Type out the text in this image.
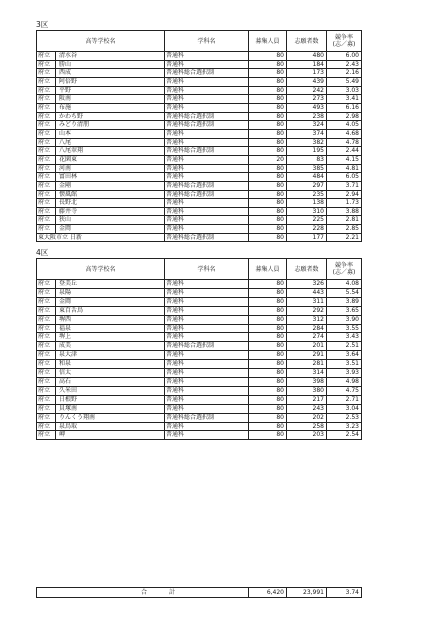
3区
高等学校名		学科名	募集人員	志願者数	競争率
(志／募)
府立	清水谷	普通科	80	480	6.00
府立	勝山	普通科	80	184	2.43
府立	西成	普通科総合選択制	80	173	2.16
府立	阿倍野	普通科	80	439	5.49
府立	平野	普通科	80	242	3.03
府立	阪南	普通科	80	273	3.41
府立	布施	普通科	80	493	6.16
府立	かわち野	普通科総合選択制	80	238	2.98
府立	みどり清朋	普通科総合選択制	80	324	4.05
府立	山本	普通科	80	374	4.68
府立	八尾	普通科	80	382	4.78
府立	八尾翠翔	普通科総合選択制	80	195	2.44
府立	花園東	普通科	20	83	4.15
府立	河南	普通科	80	385	4.81
府立	富田林	普通科	80	484	6.05
府立	金剛	普通科総合選択制	80	297	3.71
府立	懐風館	普通科総合選択制	80	235	2.94
府立	長野北	普通科	80	138	1.73
府立	藤井寺	普通科	80	310	3.88
府立	狭山	普通科	80	225	2.81
府立	金岡	普通科	80	228	2.85
東大阪市立 日新		普通科総合選択制	80	177	2.21
4区
高等学校名		学科名	募集人員	志願者数	競争率
(志／募)
府立	登美丘	普通科	80	326	4.08
府立	泉陽	普通科	80	443	5.54
府立	金岡	普通科	80	311	3.89
府立	東百舌鳥	普通科	80	292	3.65
府立	堺西	普通科	80	312	3.90
府立	福泉	普通科	80	284	3.55
府立	堺上	普通科	80	274	3.43
府立	成美	普通科総合選択制	80	201	2.51
府立	泉大津	普通科	80	291	3.64
府立	和泉	普通科	80	281	3.51
府立	信太	普通科	80	314	3.93
府立	高石	普通科	80	398	4.98
府立	久米田	普通科	80	380	4.75
府立	日根野	普通科	80	217	2.71
府立	貝塚南	普通科	80	243	3.04
府立	りんくう翔南	普通科総合選択制	80	202	2.53
府立	泉鳥取	普通科	80	258	3.23
府立	岬	普通科	80	203	2.54
合　計	6,420	23,991	3.74
